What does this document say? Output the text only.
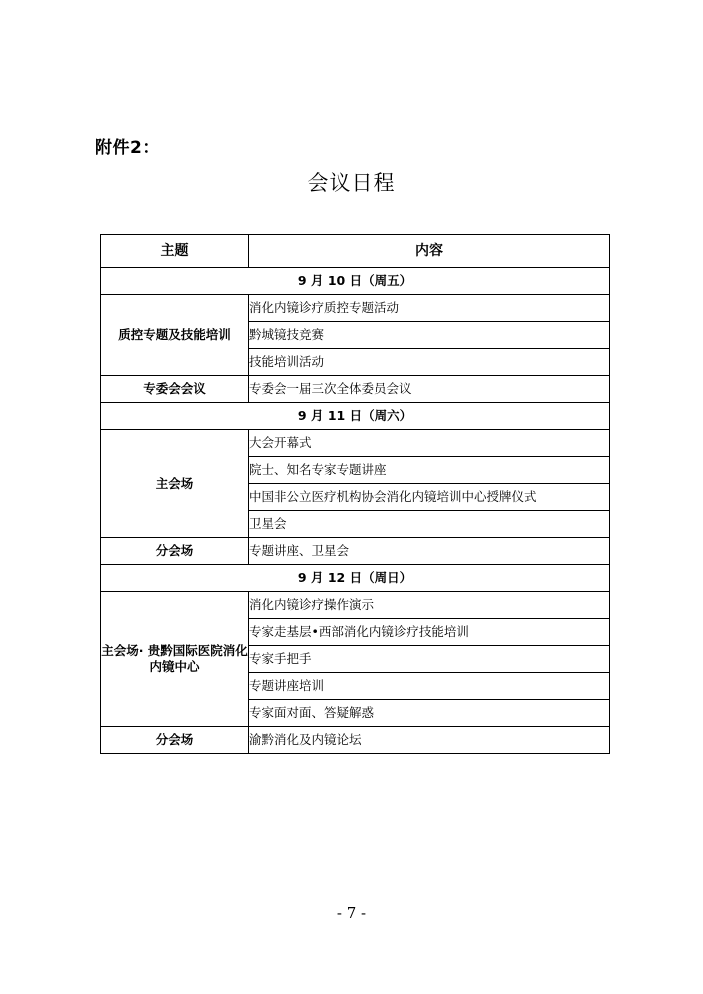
附件2：
会议日程
主题	内容
9 月 10 日（周五）	
质控专题及技能培训	消化内镜诊疗质控专题活动
	黔城镜技竞赛
	技能培训活动
专委会会议	专委会一届三次全体委员会议
9 月 11 日（周六）	
主会场	大会开幕式
	院士、知名专家专题讲座
	中国非公立医疗机构协会消化内镜培训中心授牌仪式
	卫星会
分会场	专题讲座、卫星会
9 月 12 日（周日）	
主会场· 贵黔国际医院消化内镜中心	消化内镜诊疗操作演示
	专家走基层•西部消化内镜诊疗技能培训
	专家手把手
	专题讲座培训
	专家面对面、答疑解惑
分会场	渝黔消化及内镜论坛
- 7 -
